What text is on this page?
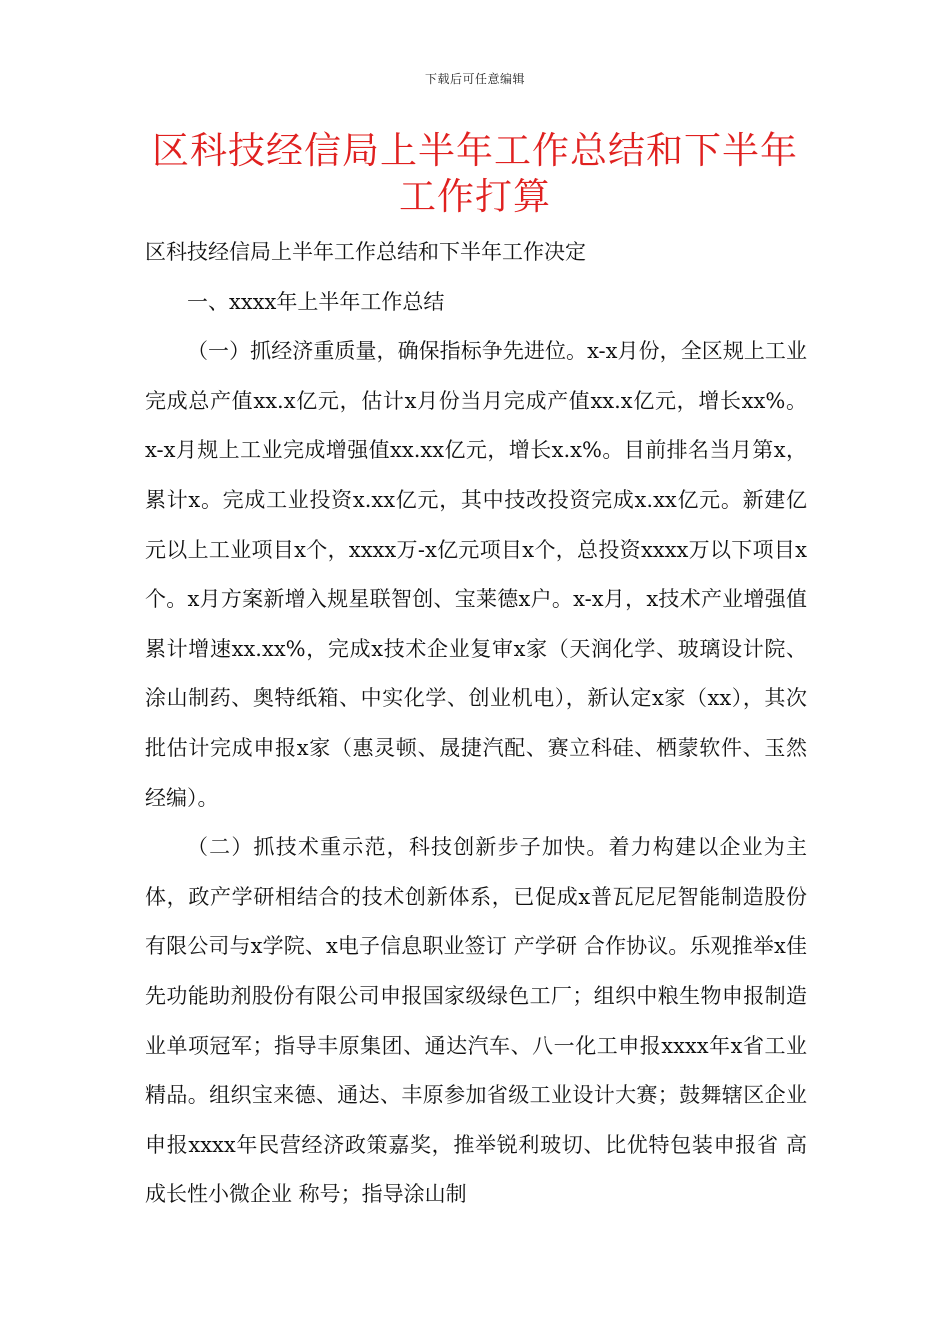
下载后可任意编辑
区科技经信局上半年工作总结和下半年工作打算

区科技经信局上半年工作总结和下半年工作决定

一、xxxx年上半年工作总结

（一）抓经济重质量，确保指标争先进位。x-x月份，全区规上工业完成总产值xx.x亿元，估计x月份当月完成产值xx.x亿元，增长xx%。x-x月规上工业完成增强值xx.xx亿元，增长x.x%。目前排名当月第x，累计x。完成工业投资x.xx亿元，其中技改投资完成x.xx亿元。新建亿元以上工业项目x个，xxxx万-x亿元项目x个，总投资xxxx万以下项目x个。x月方案新增入规星联智创、宝莱德x户。x-x月，x技术产业增强值累计增速xx.xx%，完成x技术企业复审x家（天润化学、玻璃设计院、涂山制药、奥特纸箱、中实化学、创业机电），新认定x家（xx），其次批估计完成申报x家（惠灵顿、晟捷汽配、赛立科硅、栖蒙软件、玉然经编）。

（二）抓技术重示范，科技创新步子加快。着力构建以企业为主体，政产学研相结合的技术创新体系，已促成x普瓦尼尼智能制造股份有限公司与x学院、x电子信息职业签订 产学研 合作协议。乐观推举x佳先功能助剂股份有限公司申报国家级绿色工厂；组织中粮生物申报制造业单项冠军；指导丰原集团、通达汽车、八一化工申报xxxx年x省工业精品。组织宝来德、通达、丰原参加省级工业设计大赛；鼓舞辖区企业申报xxxx年民营经济政策嘉奖，推举锐利玻切、比优特包装申报省 高成长性小微企业 称号；指导涂山制
